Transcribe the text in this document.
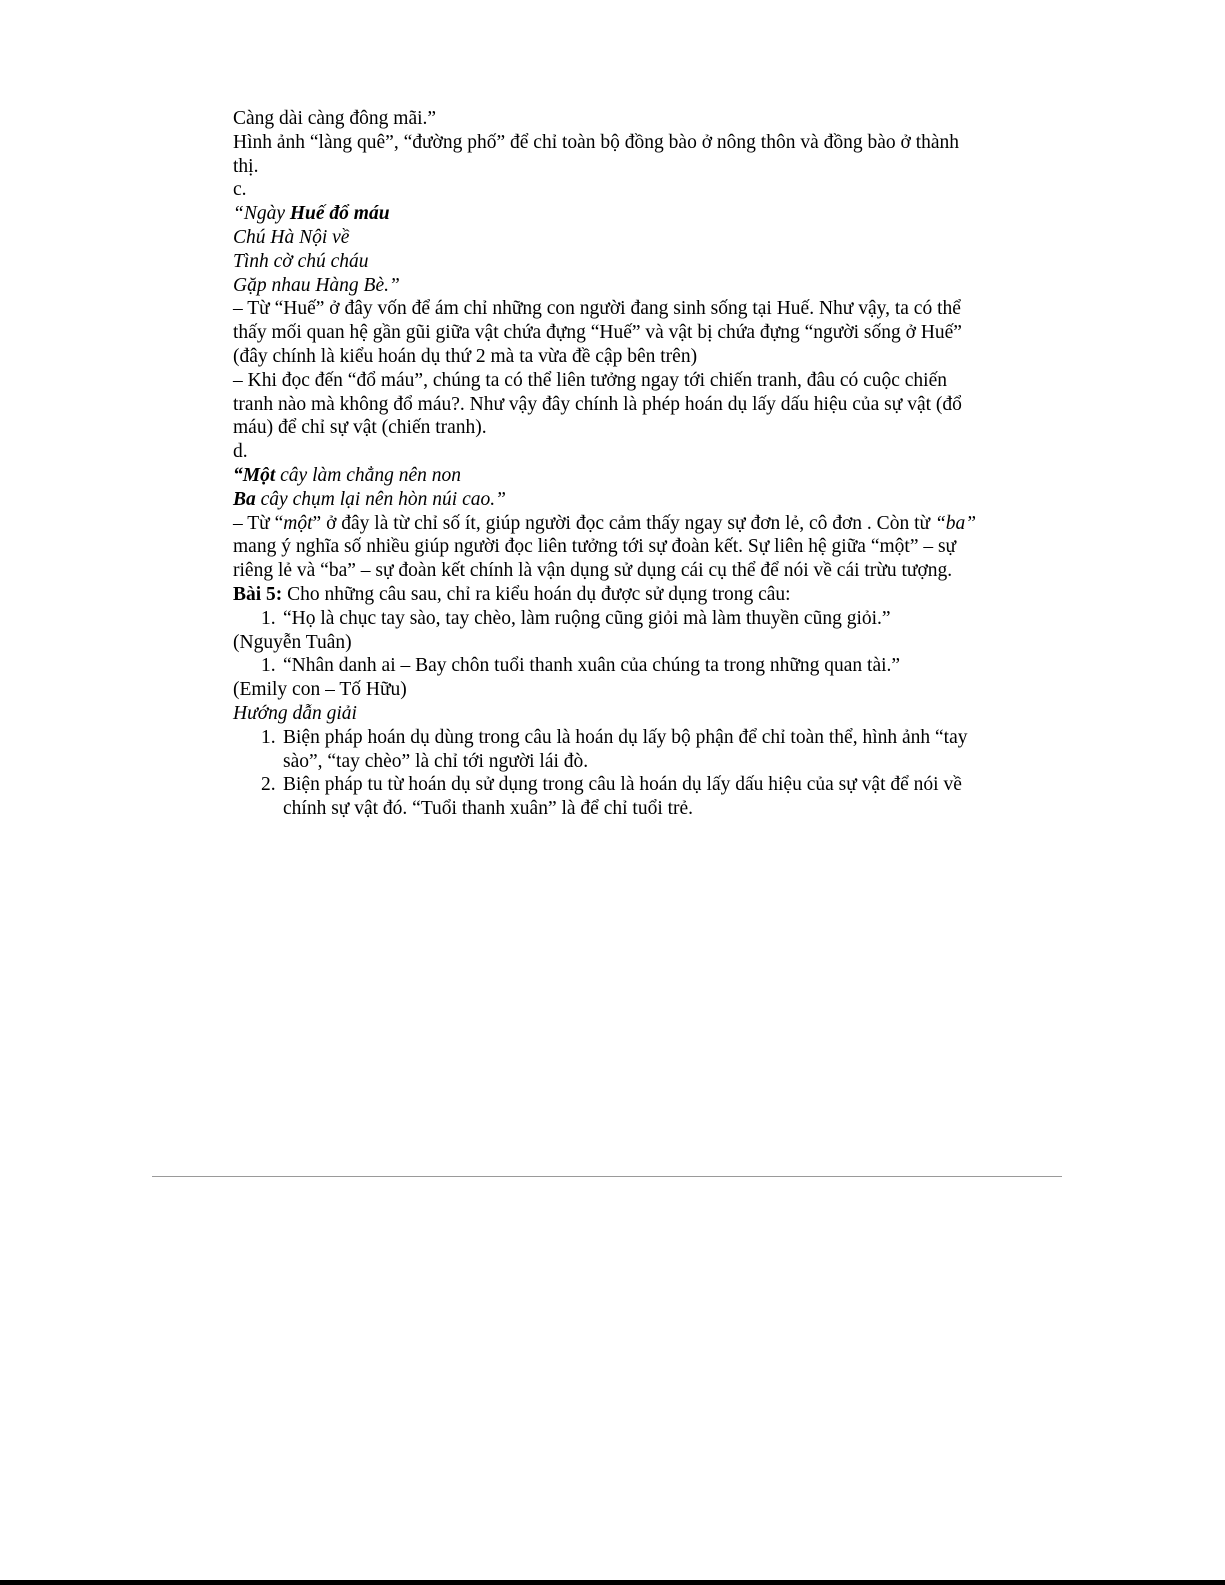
Càng dài càng đông mãi.”

Hình ảnh “làng quê”, “đường phố” để chỉ toàn bộ đồng bào ở nông thôn và đồng bào ở thành thị.

c.

“Ngày Huế đổ máu

Chú Hà Nội về

Tình cờ chú cháu

Gặp nhau Hàng Bè.”

– Từ “Huế” ở đây vốn để ám chỉ những con người đang sinh sống tại Huế. Như vậy, ta có thể thấy mối quan hệ gần gũi giữa vật chứa đựng “Huế” và vật bị chứa đựng “người sống ở Huế” (đây chính là kiểu hoán dụ thứ 2 mà ta vừa đề cập bên trên)

– Khi đọc đến “đổ máu”, chúng ta có thể liên tưởng ngay tới chiến tranh, đâu có cuộc chiến tranh nào mà không đổ máu?. Như vậy đây chính là phép hoán dụ lấy dấu hiệu của sự vật (đổ máu) để chỉ sự vật (chiến tranh).

d.

“Một cây làm chẳng nên non

Ba cây chụm lại nên hòn núi cao.”

– Từ “một” ở đây là từ chỉ số ít, giúp người đọc cảm thấy ngay sự đơn lẻ, cô đơn . Còn từ “ba” mang ý nghĩa số nhiều giúp người đọc liên tưởng tới sự đoàn kết. Sự liên hệ giữa “một” – sự riêng lẻ và “ba” – sự đoàn kết chính là vận dụng sử dụng cái cụ thể để nói về cái trừu tượng.

Bài 5: Cho những câu sau, chỉ ra kiểu hoán dụ được sử dụng trong câu:

1. “Họ là chục tay sào, tay chèo, làm ruộng cũng giỏi mà làm thuyền cũng giỏi.”

(Nguyễn Tuân)

1. “Nhân danh ai – Bay chôn tuổi thanh xuân của chúng ta trong những quan tài.”

(Emily con – Tố Hữu)

Hướng dẫn giải

1. Biện pháp hoán dụ dùng trong câu là hoán dụ lấy bộ phận để chỉ toàn thể, hình ảnh “tay sào”, “tay chèo” là chỉ tới người lái đò.
2. Biện pháp tu từ hoán dụ sử dụng trong câu là hoán dụ lấy dấu hiệu của sự vật để nói về chính sự vật đó. “Tuổi thanh xuân” là để chỉ tuổi trẻ.
